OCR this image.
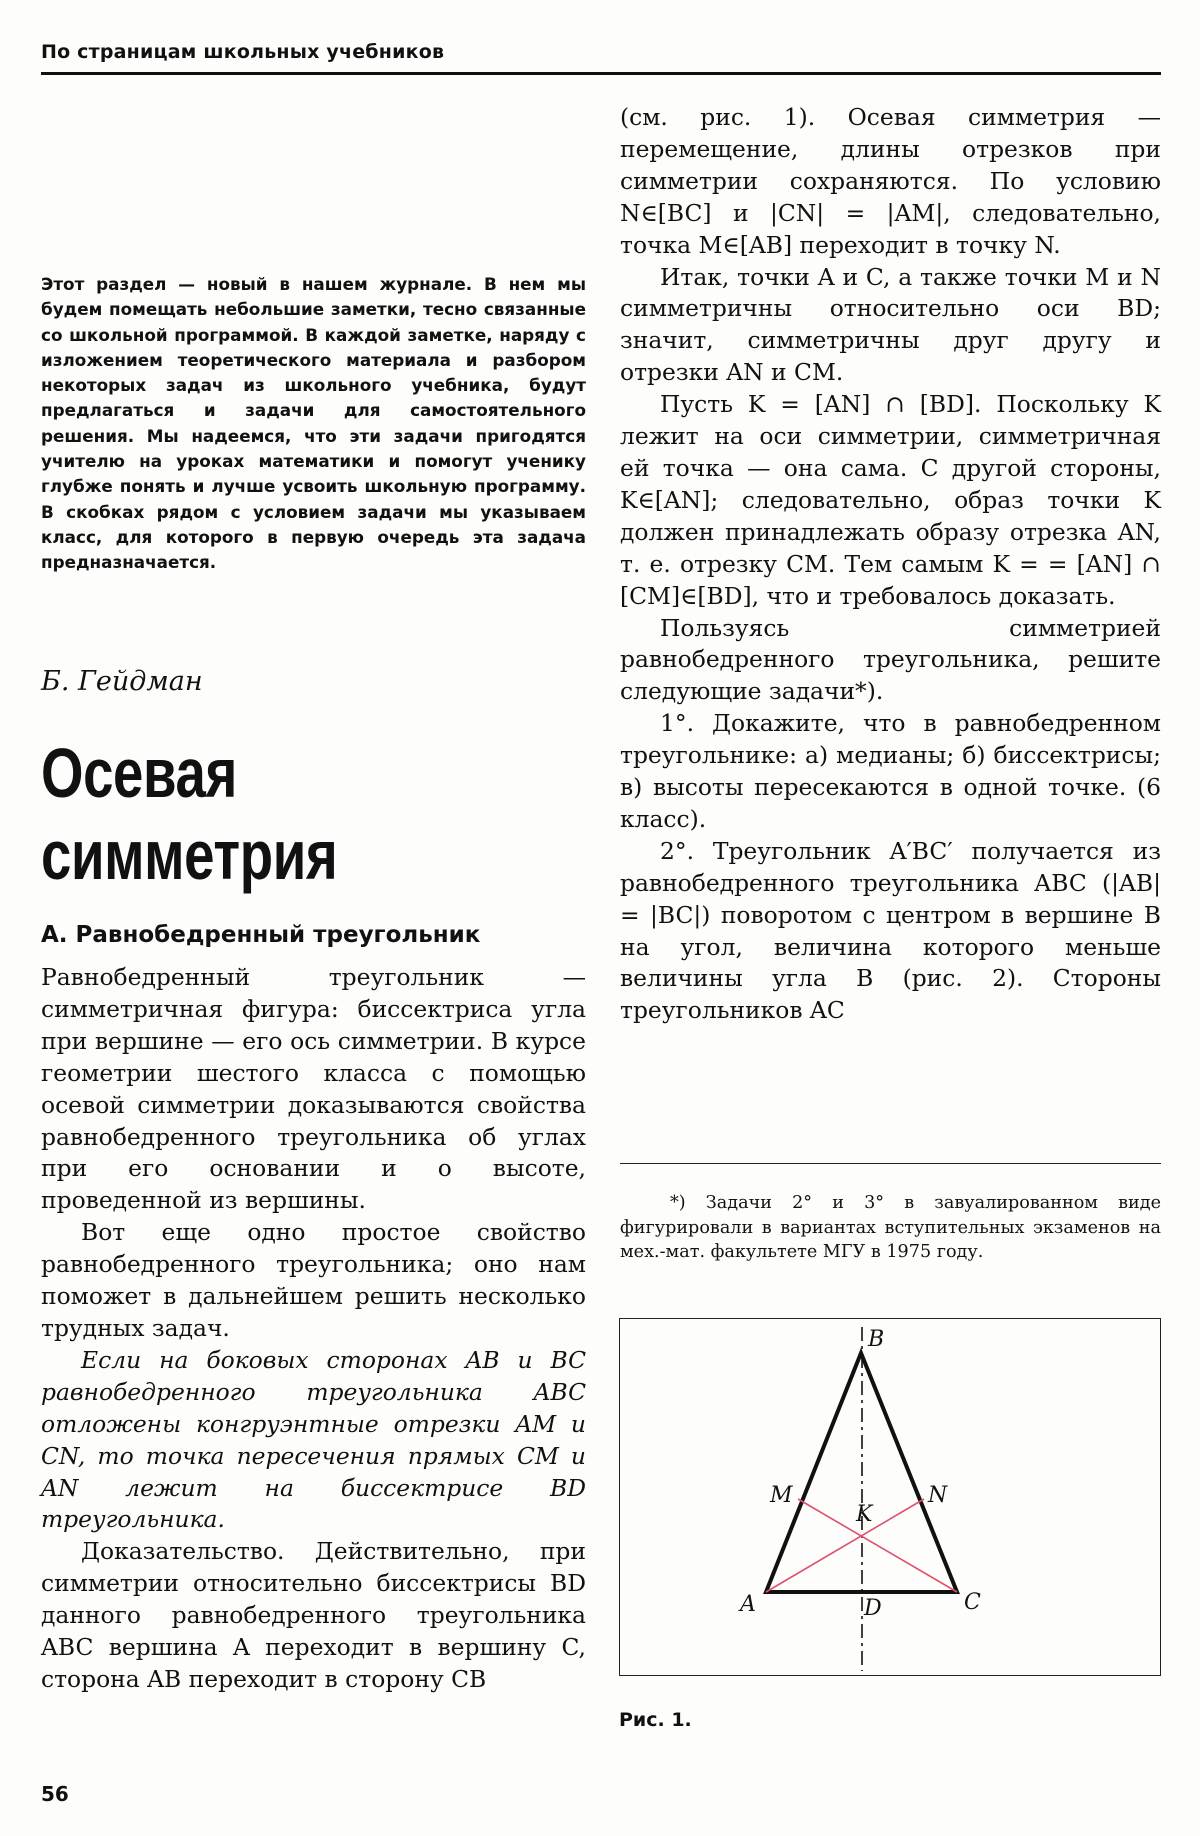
По страницам школьных учебников

Этот раздел — новый в нашем журнале. В нем мы будем помещать небольшие заметки, тесно связанные со школьной программой. В каждой заметке, наряду с изложением теоретического материала и разбором некоторых задач из школьного учебника, будут предлагаться и задачи для самостоятельного решения. Мы надеемся, что эти задачи пригодятся учителю на уроках математики и помогут ученику глубже понять и лучше усвоить школьную программу. В скобках рядом с условием задачи мы указываем класс, для которого в первую очередь эта задача предназначается.

Б. Гейдман

Осевая
симметрия

А. Равнобедренный треугольник

Равнобедренный треугольник — симметричная фигура: биссектриса угла при вершине — его ось симметрии. В курсе геометрии шестого класса с помощью осевой симметрии доказываются свойства равнобедренного треугольника об углах при его основании и о высоте, проведенной из вершины.

Вот еще одно простое свойство равнобедренного треугольника; оно нам поможет в дальнейшем решить несколько трудных задач.

Если на боковых сторонах AB и BC равнобедренного треугольника ABC отложены конгруэнтные отрезки AM и CN, то точка пересечения прямых CM и AN лежит на биссектрисе BD треугольника.

Доказательство. Действительно, при симметрии относительно биссектрисы BD данного равнобедренного треугольника ABC вершина A переходит в вершину C, сторона AB переходит в сторону CB

(см. рис. 1). Осевая симметрия — перемещение, длины отрезков при симметрии сохраняются. По условию N∈[BC] и |CN| = |AM|, следовательно, точка M∈[AB] переходит в точку N.

Итак, точки A и C, а также точки M и N симметричны относительно оси BD; значит, симметричны друг другу и отрезки AN и CM.

Пусть K = [AN] ∩ [BD]. Поскольку K лежит на оси симметрии, симметричная ей точка — она сама. С другой стороны, K∈[AN]; следовательно, образ точки K должен принадлежать образу отрезка AN, т. е. отрезку CM. Тем самым K = = [AN] ∩ [CM]∈[BD], что и требовалось доказать.

Пользуясь симметрией равнобедренного треугольника, решите следующие задачи*).

1°. Докажите, что в равнобедренном треугольнике: а) медианы; б) биссектрисы; в) высоты пересекаются в одной точке. (6 класс).

2°. Треугольник A′BC′ получается из равнобедренного треугольника ABC (|AB| = |BC|) поворотом с центром в вершине B на угол, величина которого меньше величины угла B (рис. 2). Стороны треугольников AC

*) Задачи 2° и 3° в завуалированном виде фигурировали в вариантах вступительных экзаменов на мех.-мат. факультете МГУ в 1975 году.

B
M	N
K
A	D	C

Рис. 1.

56
